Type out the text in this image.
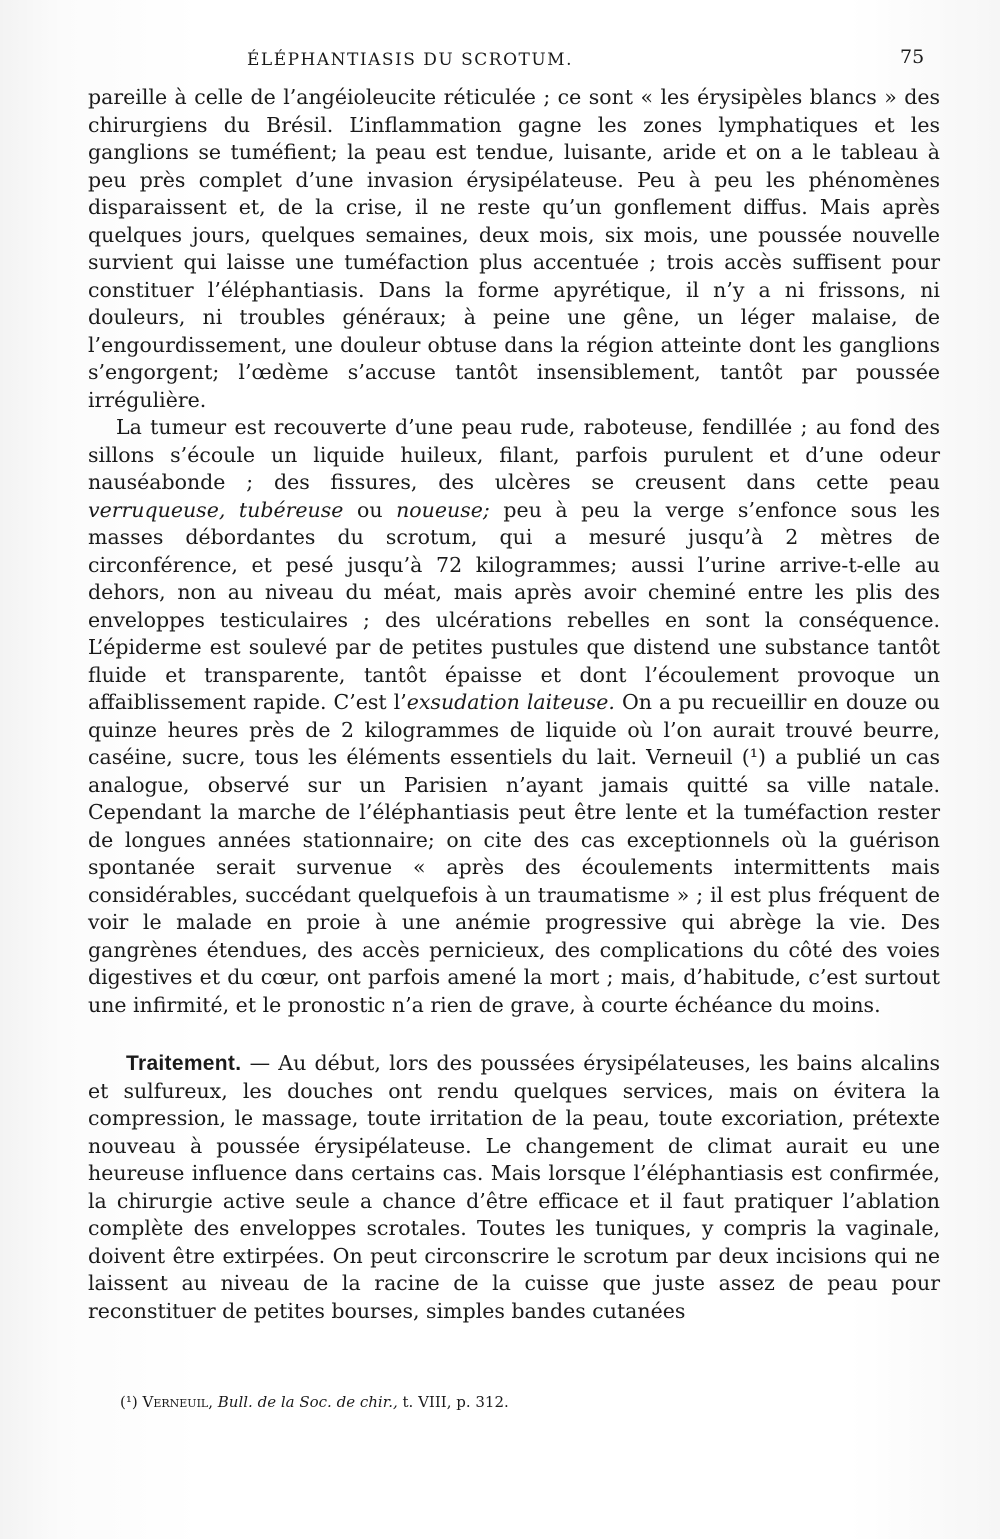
ÉLÉPHANTIASIS DU SCROTUM.	75

pareille à celle de l’angéioleucite réticulée ; ce sont « les érysipèles blancs » des chirurgiens du Brésil. L’inflammation gagne les zones lymphatiques et les ganglions se tuméfient; la peau est tendue, luisante, aride et on a le tableau à peu près complet d’une invasion érysipélateuse. Peu à peu les phénomènes disparaissent et, de la crise, il ne reste qu’un gonflement diffus. Mais après quelques jours, quelques semaines, deux mois, six mois, une poussée nouvelle survient qui laisse une tuméfaction plus accentuée ; trois accès suffisent pour constituer l’éléphantiasis. Dans la forme apyrétique, il n’y a ni frissons, ni douleurs, ni troubles généraux; à peine une gêne, un léger malaise, de l’engourdissement, une douleur obtuse dans la région atteinte dont les ganglions s’engorgent; l’œdème s’accuse tantôt insensiblement, tantôt par poussée irrégulière.

La tumeur est recouverte d’une peau rude, raboteuse, fendillée ; au fond des sillons s’écoule un liquide huileux, filant, parfois purulent et d’une odeur nauséabonde ; des fissures, des ulcères se creusent dans cette peau verruqueuse, tubéreuse ou noueuse; peu à peu la verge s’enfonce sous les masses débordantes du scrotum, qui a mesuré jusqu’à 2 mètres de circonférence, et pesé jusqu’à 72 kilogrammes; aussi l’urine arrive-t-elle au dehors, non au niveau du méat, mais après avoir cheminé entre les plis des enveloppes testiculaires ; des ulcérations rebelles en sont la conséquence. L’épiderme est soulevé par de petites pustules que distend une substance tantôt fluide et transparente, tantôt épaisse et dont l’écoulement provoque un affaiblissement rapide. C’est l’exsudation laiteuse. On a pu recueillir en douze ou quinze heures près de 2 kilogrammes de liquide où l’on aurait trouvé beurre, caséine, sucre, tous les éléments essentiels du lait. Verneuil (¹) a publié un cas analogue, observé sur un Parisien n’ayant jamais quitté sa ville natale. Cependant la marche de l’éléphantiasis peut être lente et la tuméfaction rester de longues années stationnaire; on cite des cas exceptionnels où la guérison spontanée serait survenue « après des écoulements intermittents mais considérables, succédant quelquefois à un traumatisme » ; il est plus fréquent de voir le malade en proie à une anémie progressive qui abrège la vie. Des gangrènes étendues, des accès pernicieux, des complications du côté des voies digestives et du cœur, ont parfois amené la mort ; mais, d’habitude, c’est surtout une infirmité, et le pronostic n’a rien de grave, à courte échéance du moins.

Traitement. — Au début, lors des poussées érysipélateuses, les bains alcalins et sulfureux, les douches ont rendu quelques services, mais on évitera la compression, le massage, toute irritation de la peau, toute excoriation, prétexte nouveau à poussée érysipélateuse. Le changement de climat aurait eu une heureuse influence dans certains cas. Mais lorsque l’éléphantiasis est confirmée, la chirurgie active seule a chance d’être efficace et il faut pratiquer l’ablation complète des enveloppes scrotales. Toutes les tuniques, y compris la vaginale, doivent être extirpées. On peut circonscrire le scrotum par deux incisions qui ne laissent au niveau de la racine de la cuisse que juste assez de peau pour reconstituer de petites bourses, simples bandes cutanées

(¹) Verneuil, Bull. de la Soc. de chir., t. VIII, p. 312.
